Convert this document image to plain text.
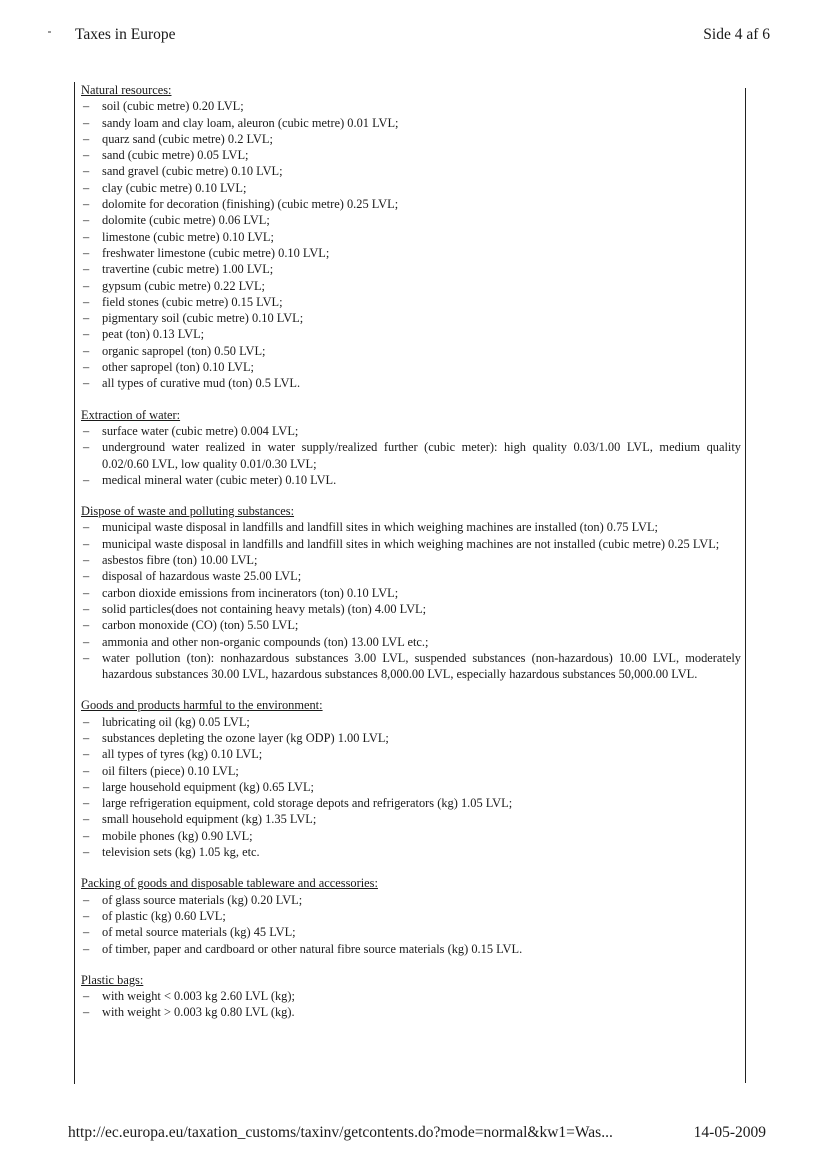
Taxes in Europe	Side 4 af 6

Natural resources:

– soil (cubic metre) 0.20 LVL;
– sandy loam and clay loam, aleuron (cubic metre) 0.01 LVL;
– quarz sand (cubic metre) 0.2 LVL;
– sand (cubic metre) 0.05 LVL;
– sand gravel (cubic metre) 0.10 LVL;
– clay (cubic metre) 0.10 LVL;
– dolomite for decoration (finishing) (cubic metre) 0.25 LVL;
– dolomite (cubic metre) 0.06 LVL;
– limestone (cubic metre) 0.10 LVL;
– freshwater limestone (cubic metre) 0.10 LVL;
– travertine (cubic metre) 1.00 LVL;
– gypsum (cubic metre) 0.22 LVL;
– field stones (cubic metre) 0.15 LVL;
– pigmentary soil (cubic metre) 0.10 LVL;
– peat (ton) 0.13 LVL;
– organic sapropel (ton) 0.50 LVL;
– other sapropel (ton) 0.10 LVL;
– all types of curative mud (ton) 0.5 LVL.

Extraction of water:

– surface water (cubic metre) 0.004 LVL;
– underground water realized in water supply/realized further (cubic meter): high quality 0.03/1.00 LVL, medium quality 0.02/0.60 LVL, low quality 0.01/0.30 LVL;
– medical mineral water (cubic meter) 0.10 LVL.

Dispose of waste and polluting substances:

– municipal waste disposal in landfills and landfill sites in which weighing machines are installed (ton) 0.75 LVL;
– municipal waste disposal in landfills and landfill sites in which weighing machines are not installed (cubic metre) 0.25 LVL;
– asbestos fibre (ton) 10.00 LVL;
– disposal of hazardous waste 25.00 LVL;
– carbon dioxide emissions from incinerators (ton) 0.10 LVL;
– solid particles(does not containing heavy metals) (ton) 4.00 LVL;
– carbon monoxide (CO) (ton) 5.50 LVL;
– ammonia and other non-organic compounds (ton) 13.00 LVL etc.;
– water pollution (ton): nonhazardous substances 3.00 LVL, suspended substances (non-hazardous) 10.00 LVL, moderately hazardous substances 30.00 LVL, hazardous substances 8,000.00 LVL, especially hazardous substances 50,000.00 LVL.

Goods and products harmful to the environment:

– lubricating oil (kg) 0.05 LVL;
– substances depleting the ozone layer (kg ODP) 1.00 LVL;
– all types of tyres (kg) 0.10 LVL;
– oil filters (piece) 0.10 LVL;
– large household equipment (kg) 0.65 LVL;
– large refrigeration equipment, cold storage depots and refrigerators (kg) 1.05 LVL;
– small household equipment (kg) 1.35 LVL;
– mobile phones (kg) 0.90 LVL;
– television sets (kg) 1.05 kg, etc.

Packing of goods and disposable tableware and accessories:

– of glass source materials (kg) 0.20 LVL;
– of plastic (kg) 0.60 LVL;
– of metal source materials (kg) 45 LVL;
– of timber, paper and cardboard or other natural fibre source materials (kg) 0.15 LVL.

Plastic bags:

– with weight < 0.003 kg 2.60 LVL (kg);
– with weight > 0.003 kg 0.80 LVL (kg).
http://ec.europa.eu/taxation_customs/taxinv/getcontents.do?mode=normal&kw1=Was...	14-05-2009
